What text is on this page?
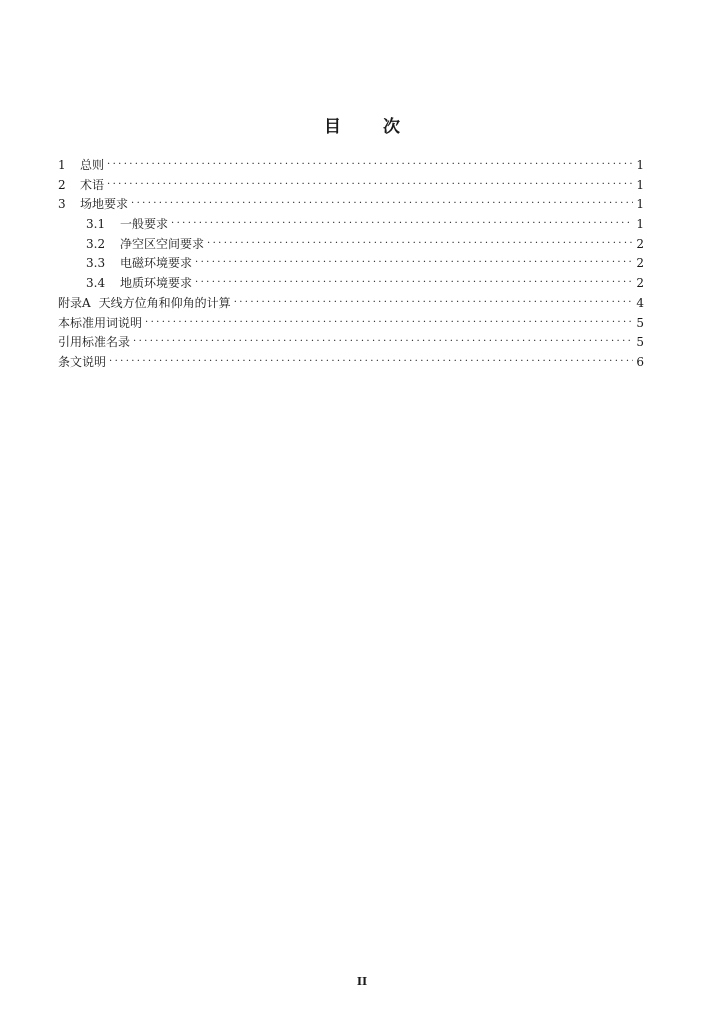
目 次
1	总则 . . .	1
2	术语 . . .	1
3	场地要求 . . .	1
3.1	一般要求 . . .	1
3.2	净空区空间要求 . . .	2
3.3	电磁环境要求 . . .	2
3.4	地质环境要求 . . .	2
附录A 天线方位角和仰角的计算 . . .	4
本标准用词说明 . . .	5
引用标准名录 . . .	5
条文说明 . . .	6
II
